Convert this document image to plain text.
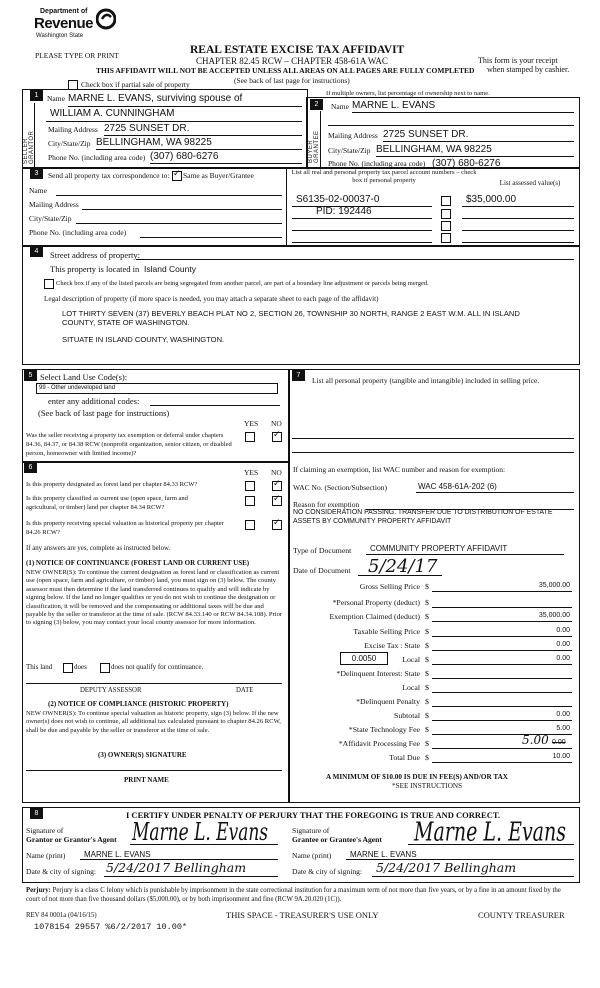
Department of
Revenue
Washington State
PLEASE TYPE OR PRINT	REAL ESTATE EXCISE TAX AFFIDAVIT
CHAPTER 82.45 RCW – CHAPTER 458-61A WAC
THIS AFFIDAVIT WILL NOT BE ACCEPTED UNLESS ALL AREAS ON ALL PAGES ARE FULLY COMPLETED
(See back of last page for instructions)
This form is your receipt
when stamped by cashier.
Check box if partial sale of property
If multiple owners, list percentage of ownership next to name.
1
2
SELLER GRANTOR	BUYER GRANTEE
Name MARNE L. EVANS, surviving spouse of
WILLIAM A. CUNNINGHAM
Mailing Address 2725 SUNSET DR.
City/State/Zip BELLINGHAM, WA 98225
Phone No. (including area code) (307) 680-6276
Name MARNE L. EVANS
Mailing Address 2725 SUNSET DR.
City/State/Zip BELLINGHAM, WA 98225
Phone No. (including area code) (307) 680-6276
3	Send all property tax correspondence to:
✓ Same as Buyer/Grantee
Name
Mailing Address
City/State/Zip
Phone No. (including area code)
List all real and personal property tax parcel account numbers – check box if personal property	List assessed value(s)
S6135-02-00037-0	$35,000.00
PID: 192446
4	Street address of property:
This property is located in Island County
Check box if any of the listed parcels are being segregated from another parcel, are part of a boundary line adjustment or parcels being merged.
Legal description of property (if more space is needed, you may attach a separate sheet to each page of the affidavit)
LOT THIRTY SEVEN (37) BEVERLY BEACH PLAT NO 2, SECTION 26, TOWNSHIP 30 NORTH, RANGE 2 EAST W.M. ALL IN ISLAND
COUNTY, STATE OF WASHINGTON.
SITUATE IN ISLAND COUNTY, WASHINGTON.
5 Select Land Use Code(s):
99 - Other undeveloped land
enter any additional codes:
(See back of last page for instructions)
YES NO
Was the seller receiving a property tax exemption or deferral under chapters 84.36, 84.37, or 84.38 RCW (nonprofit organization, senior citizen, or disabled person, homeowner with limited income)?
✓
6
YES NO
Is this property designated as forest land per chapter 84.33 RCW?
✓
Is this property classified as current use (open space, farm and agricultural, or timber) land per chapter 84.34 RCW?
✓
Is this property receiving special valuation as historical property per chapter 84.26 RCW?
✓
If any answers are yes, complete as instructed below.
(1) NOTICE OF CONTINUANCE (FOREST LAND OR CURRENT USE)
NEW OWNER(S): To continue the current designation as forest land or classification as current use (open space, farm and agriculture, or timber) land, you must sign on (3) below. The county assessor must then determine if the land transferred continues to qualify and will indicate by signing below. If the land no longer qualifies or you do not wish to continue the designation or classification, it will be removed and the compensating or additional taxes will be due and payable by the seller or transferor at the time of sale. (RCW 84.33.140 or RCW 84.34.108). Prior to signing (3) below, you may contact your local county assessor for more information.
This land	does	does not qualify for continuance.
DEPUTY ASSESSOR	DATE
(2) NOTICE OF COMPLIANCE (HISTORIC PROPERTY)
NEW OWNER(S): To continue special valuation as historic property, sign (3) below. If the new owner(s) does not wish to continue, all additional tax calculated pursuant to chapter 84.26 RCW, shall be due and payable by the seller or transferor at the time of sale.
(3) OWNER(S) SIGNATURE
PRINT NAME
7
List all personal property (tangible and intangible) included in selling price.
If claiming an exemption, list WAC number and reason for exemption:
WAC No. (Section/Subsection)	WAC 458-61A-202 (6)
Reason for exemption
NO CONSIDERATION PASSING. TRANSFER DUE TO DISTRIBUTION OF ESTATE ASSETS BY COMMUNITY PROPERTY AFFIDAVIT
Type of Document COMMUNITY PROPERTY AFFIDAVIT
Date of Document 5/24/17
Gross Selling Price $	35,000.00
*Personal Property (deduct) $
Exemption Claimed (deduct) $	35,000.00
Taxable Selling Price $	0.00
Excise Tax : State $	0.00
0.0050	Local $	0.00
*Delinquent Interest: State $
Local $
*Delinquent Penalty $
Subtotal $	0.00
*State Technology Fee $	5.00
*Affidavit Processing Fee $	5.00 0.00
Total Due $	10.00
A MINIMUM OF $10.00 IS DUE IN FEE(S) AND/OR TAX
*SEE INSTRUCTIONS
8	I CERTIFY UNDER PENALTY OF PERJURY THAT THE FOREGOING IS TRUE AND CORRECT.
Signature of
Grantor or Grantor's Agent Marne L. Evans
Name (print) MARNE L. EVANS
Date & city of signing: 5/24/2017 Bellingham
Signature of
Grantee or Grantee's Agent Marne L. Evans
Name (print) MARNE L. EVANS
Date & city of signing: 5/24/2017 Bellingham
Perjury: Perjury is a class C felony which is punishable by imprisonment in the state correctional institution for a maximum term of not more than five years, or by a fine in an amount fixed by the court of not more than five thousand dollars ($5,000.00), or by both imprisonment and fine (RCW 9A.20.020 (1C)).
REV 84 0001a (04/16/15)	THIS SPACE - TREASURER'S USE ONLY	COUNTY TREASURER
1078154 29557 %6/2/2017 10.00*
